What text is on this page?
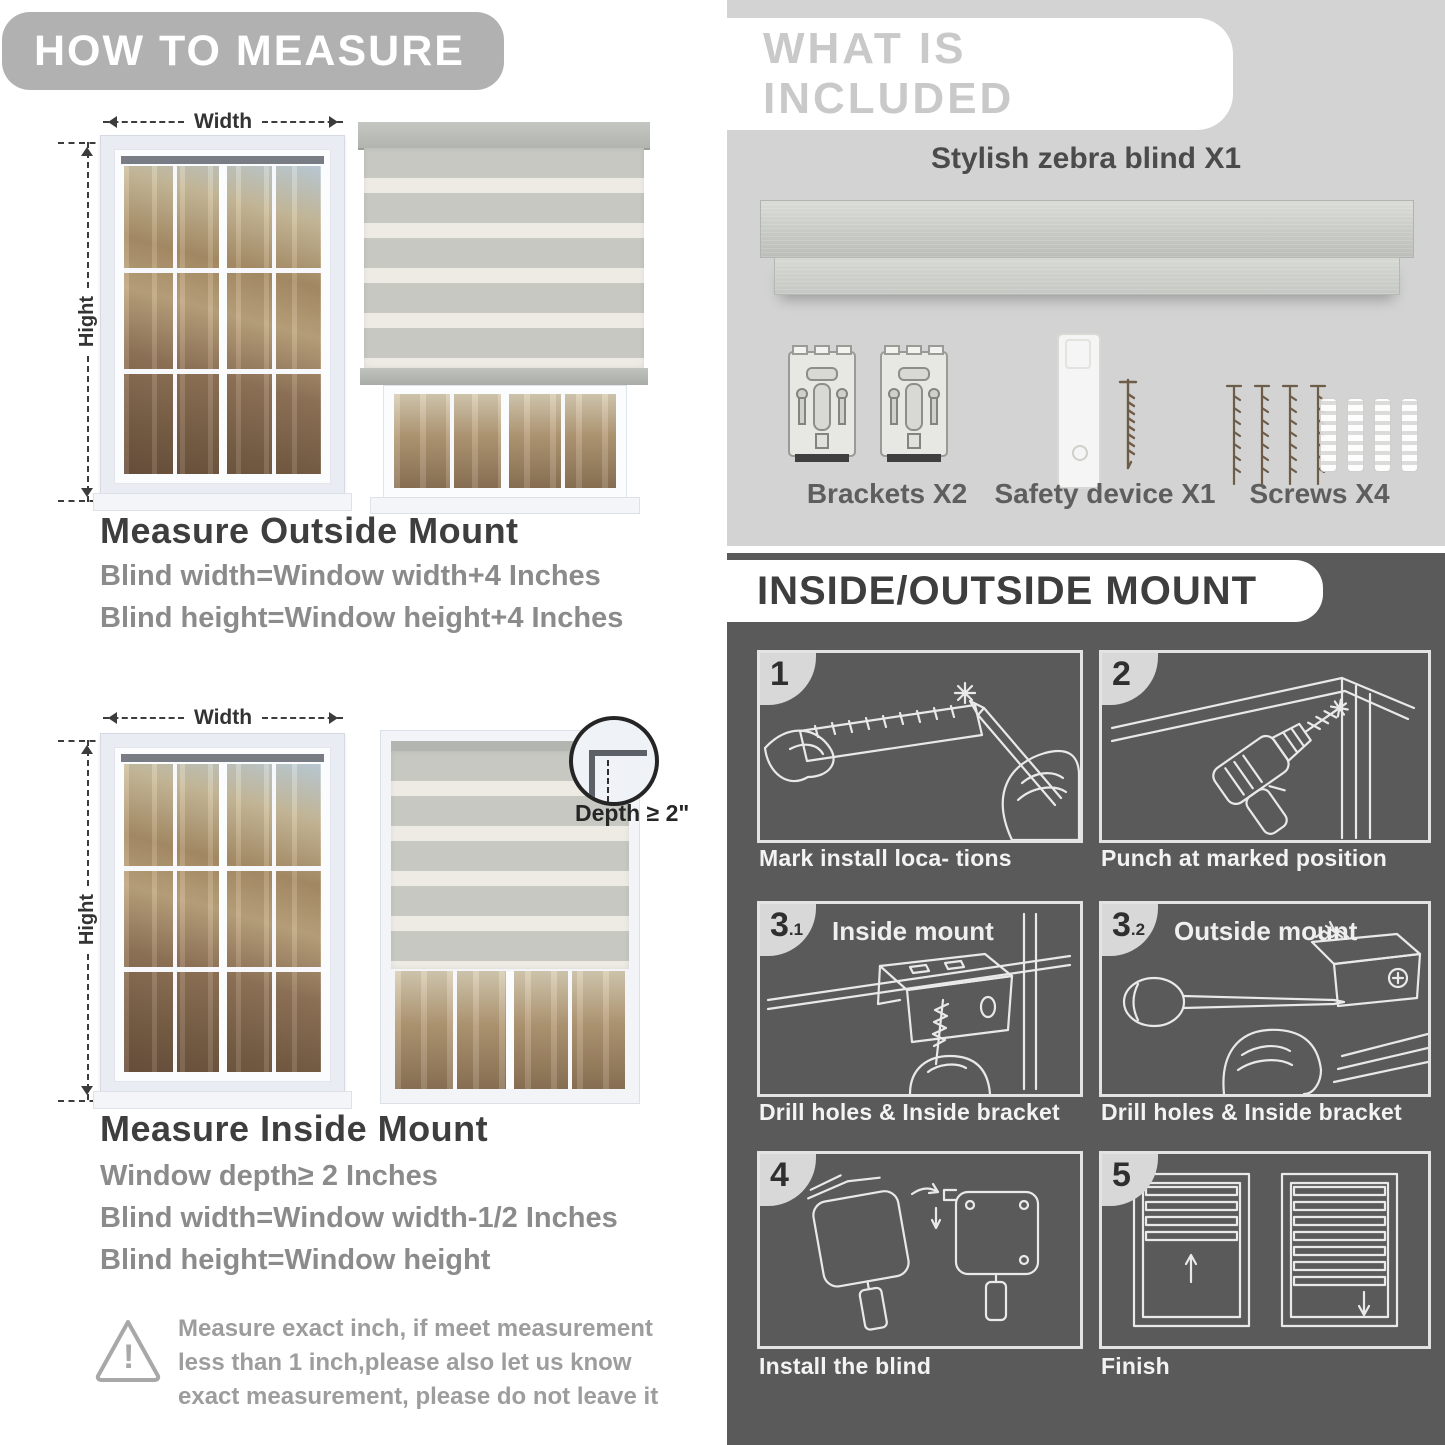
HOW TO MEASURE
Width
Hight
Measure Outside Mount
Blind width=Window width+4 Inches
Blind height=Window height+4 Inches
Width
Hight
Depth ≥ 2"
Measure Inside Mount
Window depth≥ 2 Inches
Blind width=Window width-1/2 Inches
Blind height=Window height
!
Measure exact inch, if meet measurement less than 1 inch,please also let us know exact measurement, please do not leave it
WHAT IS INCLUDED
Stylish zebra blind X1
Brackets X2 Safety device X1	Screws X4
INSIDE/OUTSIDE MOUNT
1
Mark install loca- tions
2
Punch at marked position
3 .1 Inside mount
Drill holes & Inside bracket
3 .2 Outside mount
Drill holes & Inside bracket
4
Install the blind
5
Finish
